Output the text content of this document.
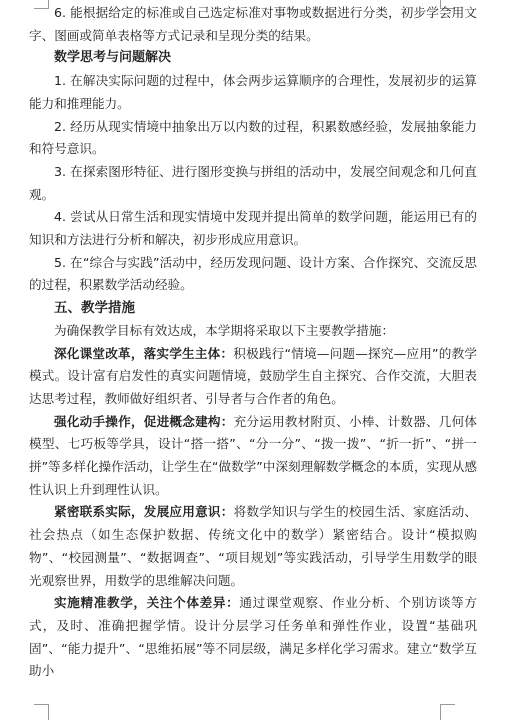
6. 能根据给定的标准或自己选定标准对事物或数据进行分类，初步学会用文字、图画或简单表格等方式记录和呈现分类的结果。

数学思考与问题解决

1. 在解决实际问题的过程中，体会两步运算顺序的合理性，发展初步的运算能力和推理能力。

2. 经历从现实情境中抽象出万以内数的过程，积累数感经验，发展抽象能力和符号意识。

3. 在探索图形特征、进行图形变换与拼组的活动中，发展空间观念和几何直观。

4. 尝试从日常生活和现实情境中发现并提出简单的数学问题，能运用已有的知识和方法进行分析和解决，初步形成应用意识。

5. 在“综合与实践”活动中，经历发现问题、设计方案、合作探究、交流反思的过程，积累数学活动经验。

五、教学措施

为确保教学目标有效达成，本学期将采取以下主要教学措施：

深化课堂改革，落实学生主体：积极践行“情境—问题—探究—应用”的教学模式。设计富有启发性的真实问题情境，鼓励学生自主探究、合作交流，大胆表达思考过程，教师做好组织者、引导者与合作者的角色。

强化动手操作，促进概念建构：充分运用教材附页、小棒、计数器、几何体模型、七巧板等学具，设计“搭一搭”、“分一分”、“拨一拨”、“折一折”、“拼一拼”等多样化操作活动，让学生在“做数学”中深刻理解数学概念的本质，实现从感性认识上升到理性认识。

紧密联系实际，发展应用意识：将数学知识与学生的校园生活、家庭活动、社会热点（如生态保护数据、传统文化中的数学）紧密结合。设计“模拟购物”、“校园测量”、“数据调查”、“项目规划”等实践活动，引导学生用数学的眼光观察世界，用数学的思维解决问题。

实施精准教学，关注个体差异：通过课堂观察、作业分析、个别访谈等方式，及时、准确把握学情。设计分层学习任务单和弹性作业，设置“基础巩固”、“能力提升”、“思维拓展”等不同层级，满足多样化学习需求。建立“数学互助小
